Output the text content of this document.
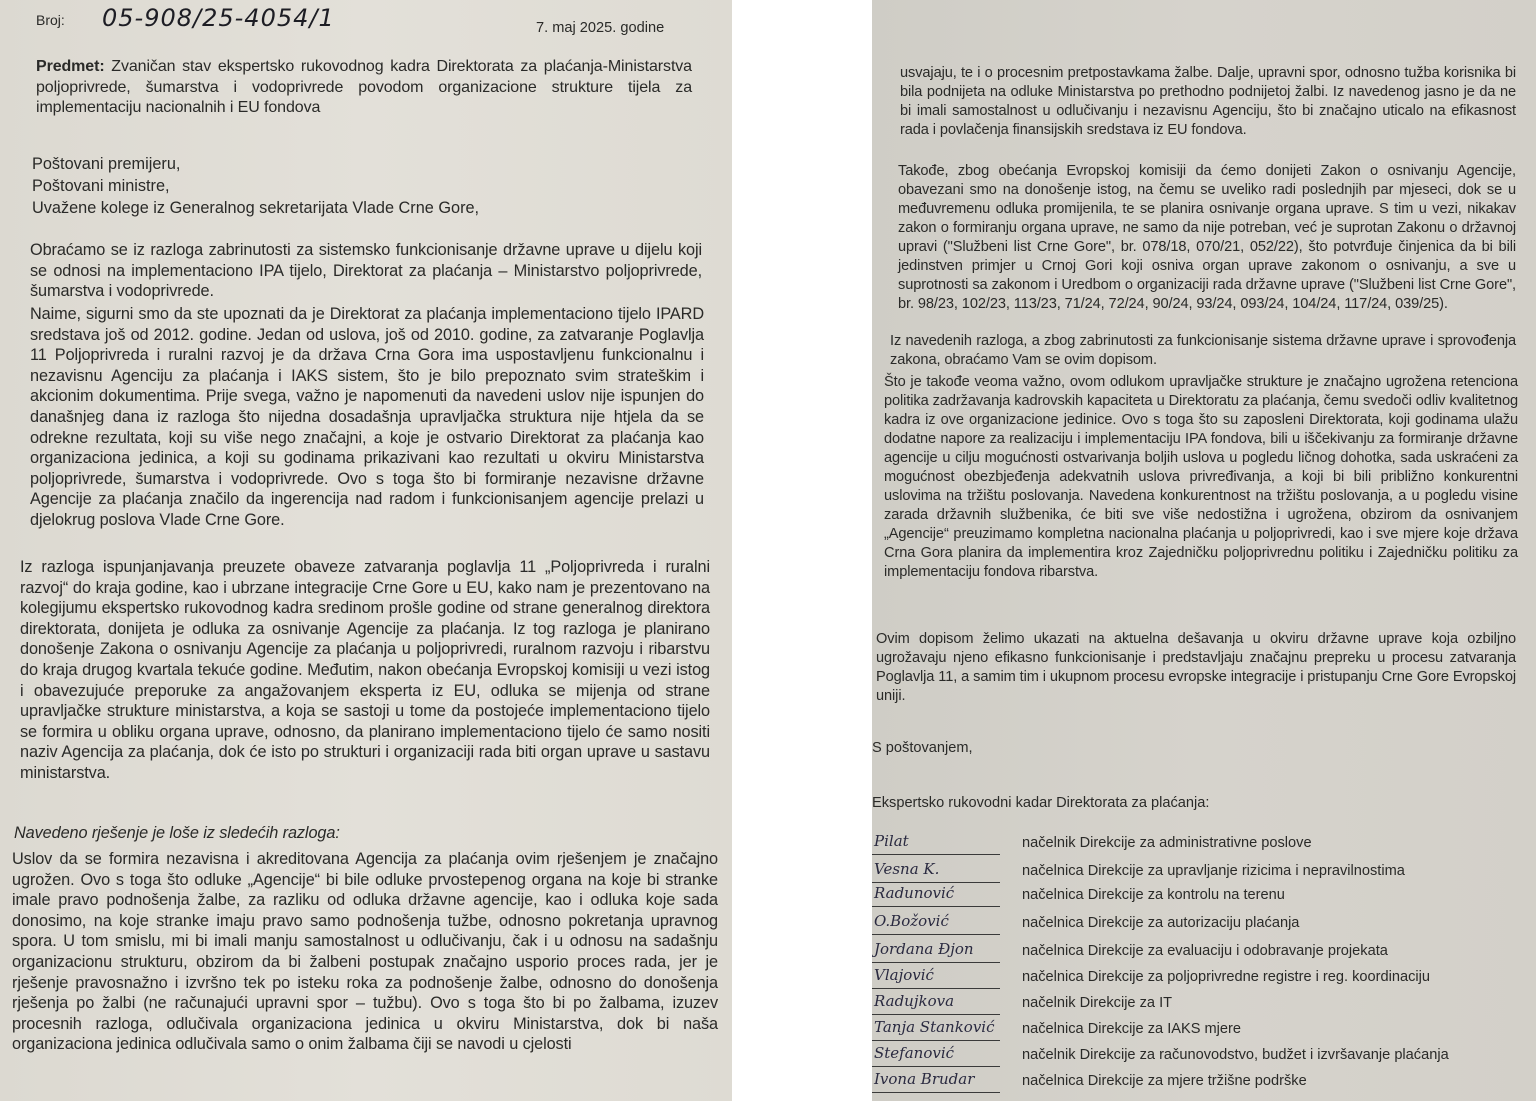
Broj: 05-908/25-4054/1	7. maj 2025. godine
Predmet: Zvaničan stav ekspertsko rukovodnog kadra Direktorata za plaćanja-Ministarstva poljoprivrede, šumarstva i vodoprivrede povodom organizacione strukture tijela za implementaciju nacionalnih i EU fondova
Poštovani premijeru,
Poštovani ministre,
Uvažene kolege iz Generalnog sekretarijata Vlade Crne Gore,
Obraćamo se iz razloga zabrinutosti za sistemsko funkcionisanje državne uprave u dijelu koji se odnosi na implementaciono IPA tijelo, Direktorat za plaćanja – Ministarstvo poljoprivrede, šumarstva i vodoprivrede.
Naime, sigurni smo da ste upoznati da je Direktorat za plaćanja implementaciono tijelo IPARD sredstava još od 2012. godine. Jedan od uslova, još od 2010. godine, za zatvaranje Poglavlja 11 Poljoprivreda i ruralni razvoj je da država Crna Gora ima uspostavljenu funkcionalnu i nezavisnu Agenciju za plaćanja i IAKS sistem, što je bilo prepoznato svim strateškim i akcionim dokumentima. Prije svega, važno je napomenuti da navedeni uslov nije ispunjen do današnjeg dana iz razloga što nijedna dosadašnja upravljačka struktura nije htjela da se odrekne rezultata, koji su više nego značajni, a koje je ostvario Direktorat za plaćanja kao organizaciona jedinica, a koji su godinama prikazivani kao rezultati u okviru Ministarstva poljoprivrede, šumarstva i vodoprivrede. Ovo s toga što bi formiranje nezavisne državne Agencije za plaćanja značilo da ingerencija nad radom i funkcionisanjem agencije prelazi u djelokrug poslova Vlade Crne Gore.
Iz razloga ispunjanjavanja preuzete obaveze zatvaranja poglavlja 11 „Poljoprivreda i ruralni razvoj“ do kraja godine, kao i ubrzane integracije Crne Gore u EU, kako nam je prezentovano na kolegijumu ekspertsko rukovodnog kadra sredinom prošle godine od strane generalnog direktora direktorata, donijeta je odluka za osnivanje Agencije za plaćanja. Iz tog razloga je planirano donošenje Zakona o osnivanju Agencije za plaćanja u poljoprivredi, ruralnom razvoju i ribarstvu do kraja drugog kvartala tekuće godine. Međutim, nakon obećanja Evropskoj komisiji u vezi istog i obavezujuće preporuke za angažovanjem eksperta iz EU, odluka se mijenja od strane upravljačke strukture ministarstva, a koja se sastoji u tome da postojeće implementaciono tijelo se formira u obliku organa uprave, odnosno, da planirano implementaciono tijelo će samo nositi naziv Agencija za plaćanja, dok će isto po strukturi i organizaciji rada biti organ uprave u sastavu ministarstva.
Navedeno rješenje je loše iz sledećih razloga:
Uslov da se formira nezavisna i akreditovana Agencija za plaćanja ovim rješenjem je značajno ugrožen. Ovo s toga što odluke „Agencije“ bi bile odluke prvostepenog organa na koje bi stranke imale pravo podnošenja žalbe, za razliku od odluka državne agencije, kao i odluka koje sada donosimo, na koje stranke imaju pravo samo podnošenja tužbe, odnosno pokretanja upravnog spora. U tom smislu, mi bi imali manju samostalnost u odlučivanju, čak i u odnosu na sadašnju organizacionu strukturu, obzirom da bi žalbeni postupak značajno usporio proces rada, jer je rješenje pravosnažno i izvršno tek po isteku roka za podnošenje žalbe, odnosno do donošenja rješenja po žalbi (ne računajući upravni spor – tužbu). Ovo s toga što bi po žalbama, izuzev procesnih razloga, odlučivala organizaciona jedinica u okviru Ministarstva, dok bi naša organizaciona jedinica odlučivala samo o onim žalbama čiji se navodi u cjelosti
usvajaju, te i o procesnim pretpostavkama žalbe. Dalje, upravni spor, odnosno tužba korisnika bi bila podnijeta na odluke Ministarstva po prethodno podnijetoj žalbi. Iz navedenog jasno je da ne bi imali samostalnost u odlučivanju i nezavisnu Agenciju, što bi značajno uticalo na efikasnost rada i povlačenja finansijskih sredstava iz EU fondova.
Takođe, zbog obećanja Evropskoj komisiji da ćemo donijeti Zakon o osnivanju Agencije, obavezani smo na donošenje istog, na čemu se uveliko radi poslednjih par mjeseci, dok se u međuvremenu odluka promijenila, te se planira osnivanje organa uprave. S tim u vezi, nikakav zakon o formiranju organa uprave, ne samo da nije potreban, već je suprotan Zakonu o državnoj upravi ("Službeni list Crne Gore", br. 078/18, 070/21, 052/22), što potvrđuje činjenica da bi bili jedinstven primjer u Crnoj Gori koji osniva organ uprave zakonom o osnivanju, a sve u suprotnosti sa zakonom i Uredbom o organizaciji rada državne uprave ("Službeni list Crne Gore", br. 98/23, 102/23, 113/23, 71/24, 72/24, 90/24, 93/24, 093/24, 104/24, 117/24, 039/25).
Iz navedenih razloga, a zbog zabrinutosti za funkcionisanje sistema državne uprave i sprovođenja zakona, obraćamo Vam se ovim dopisom.
Što je takođe veoma važno, ovom odlukom upravljačke strukture je značajno ugrožena retenciona politika zadržavanja kadrovskih kapaciteta u Direktoratu za plaćanja, čemu svedoči odliv kvalitetnog kadra iz ove organizacione jedinice. Ovo s toga što su zaposleni Direktorata, koji godinama ulažu dodatne napore za realizaciju i implementaciju IPA fondova, bili u iščekivanju za formiranje državne agencije u cilju mogućnosti ostvarivanja boljih uslova u pogledu ličnog dohotka, sada uskraćeni za mogućnost obezbjeđenja adekvatnih uslova privređivanja, a koji bi bili približno konkurentni uslovima na tržištu poslovanja. Navedena konkurentnost na tržištu poslovanja, a u pogledu visine zarada državnih službenika, će biti sve više nedostižna i ugrožena, obzirom da osnivanjem „Agencije“ preuzimamo kompletna nacionalna plaćanja u poljoprivredi, kao i sve mjere koje država Crna Gora planira da implementira kroz Zajedničku poljoprivrednu politiku i Zajedničku politiku za implementaciju fondova ribarstva.
Ovim dopisom želimo ukazati na aktuelna dešavanja u okviru državne uprave koja ozbiljno ugrožavaju njeno efikasno funkcionisanje i predstavljaju značajnu prepreku u procesu zatvaranja Poglavlja 11, a samim tim i ukupnom procesu evropske integracije i pristupanju Crne Gore Evropskoj uniji.
S poštovanjem,
Ekspertsko rukovodni kadar Direktorata za plaćanja:
Pilat	načelnik Direkcije za administrativne poslove
Vesna K.	načelnica Direkcije za upravljanje rizicima i nepravilnostima
Radunović	načelnica Direkcije za kontrolu na terenu
O.Božović	načelnica Direkcije za autorizaciju plaćanja
Jordana Đjon	načelnica Direkcije za evaluaciju i odobravanje projekata
Vlajović	načelnica Direkcije za poljoprivredne registre i reg. koordinaciju
Radujkova	načelnik Direkcije za IT
Tanja Stanković	načelnica Direkcije za IAKS mjere
Stefanović	načelnik Direkcije za računovodstvo, budžet i izvršavanje plaćanja
Ivona Brudar	načelnica Direkcije za mjere tržišne podrške
